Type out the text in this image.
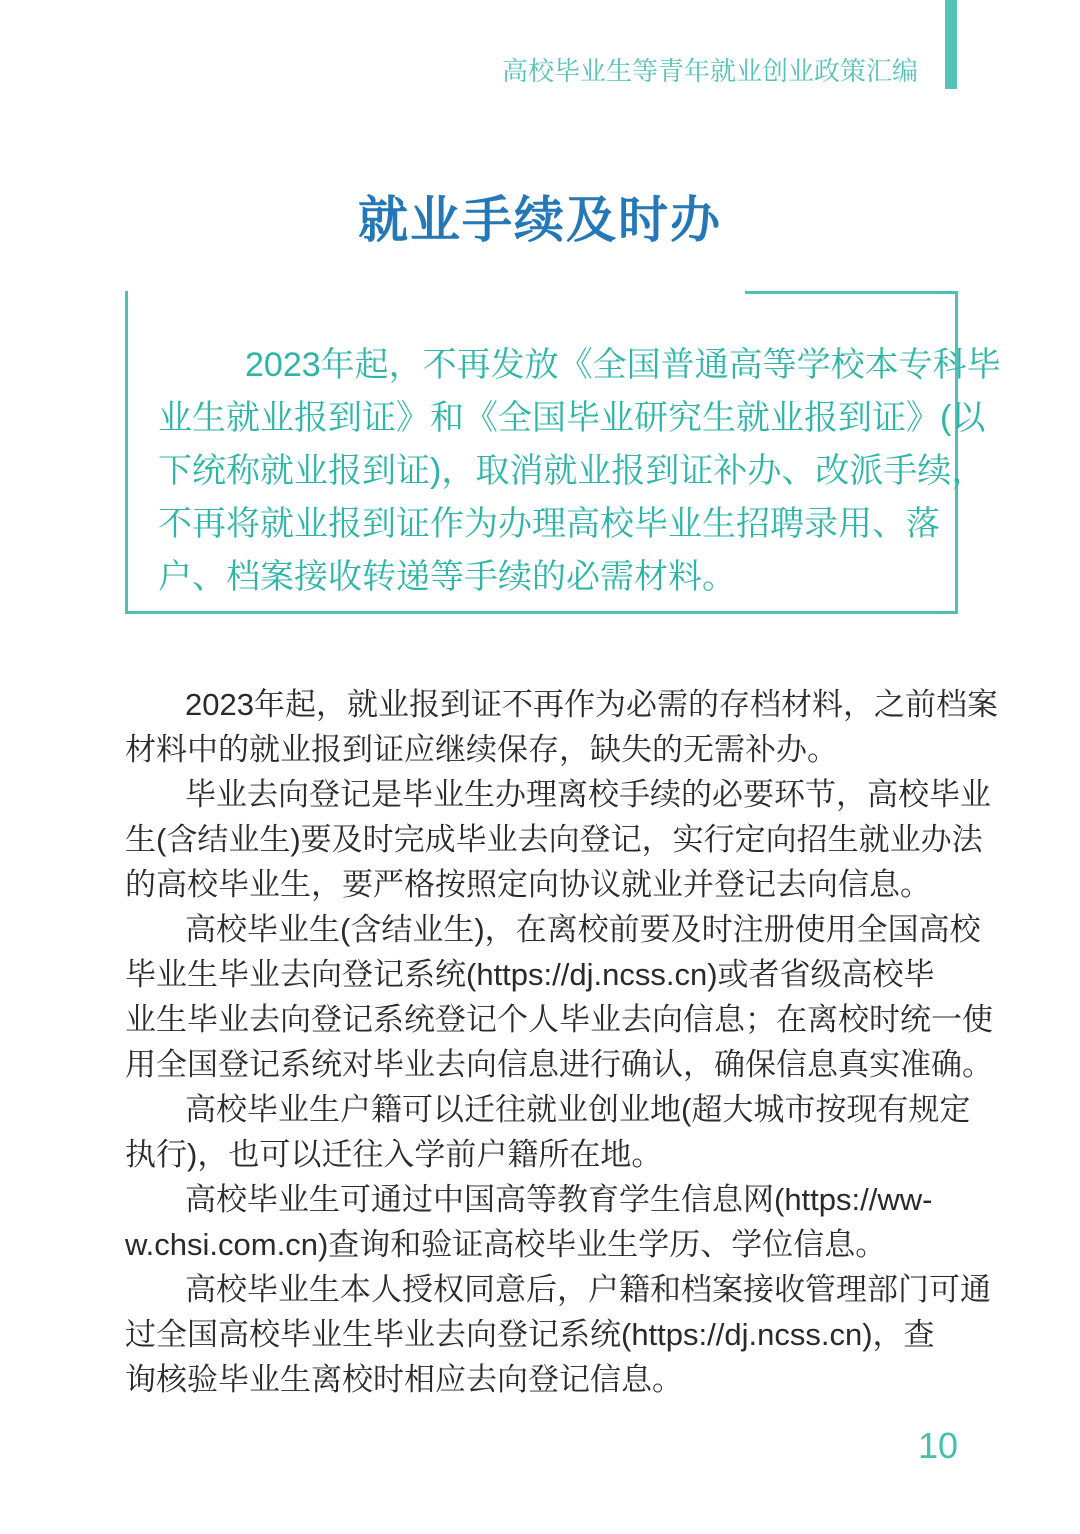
高校毕业生等青年就业创业政策汇编
就业手续及时办
2023年起，不再发放《全国普通高等学校本专科毕
业生就业报到证》和《全国毕业研究生就业报到证》(以
下统称就业报到证)，取消就业报到证补办、改派手续，
不再将就业报到证作为办理高校毕业生招聘录用、落
户、档案接收转递等手续的必需材料。

2023年起，就业报到证不再作为必需的存档材料，之前档案
材料中的就业报到证应继续保存，缺失的无需补办。

毕业去向登记是毕业生办理离校手续的必要环节，高校毕业
生(含结业生)要及时完成毕业去向登记，实行定向招生就业办法
的高校毕业生，要严格按照定向协议就业并登记去向信息。

高校毕业生(含结业生)，在离校前要及时注册使用全国高校
毕业生毕业去向登记系统(https://dj.ncss.cn)或者省级高校毕
业生毕业去向登记系统登记个人毕业去向信息；在离校时统一使
用全国登记系统对毕业去向信息进行确认，确保信息真实准确。

高校毕业生户籍可以迁往就业创业地(超大城市按现有规定
执行)，也可以迁往入学前户籍所在地。

高校毕业生可通过中国高等教育学生信息网(https://ww-
w.chsi.com.cn)查询和验证高校毕业生学历、学位信息。

高校毕业生本人授权同意后，户籍和档案接收管理部门可通
过全国高校毕业生毕业去向登记系统(https://dj.ncss.cn)，查
询核验毕业生离校时相应去向登记信息。

10
